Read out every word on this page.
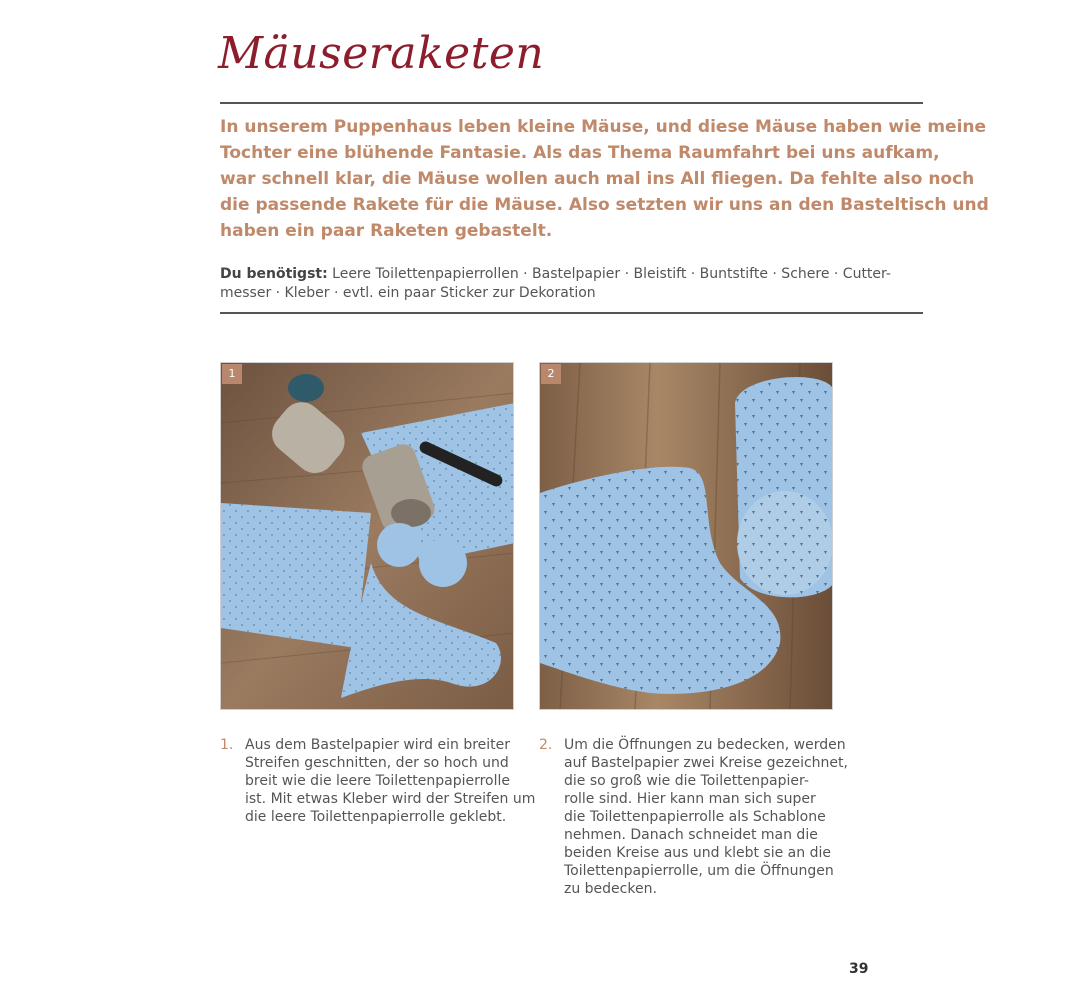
Mäuseraketen
In unserem Puppenhaus leben kleine Mäuse, und diese Mäuse haben wie meine
Tochter eine blühende Fantasie. Als das Thema Raumfahrt bei uns aufkam,
war schnell klar, die Mäuse wollen auch mal ins All fliegen. Da fehlte also noch
die passende Rakete für die Mäuse. Also setzten wir uns an den Basteltisch und
haben ein paar Raketen gebastelt.
Du benötigst: Leere Toilettenpapierrollen · Bastelpapier · Bleistift · Buntstifte · Schere · Cutter-
messer · Kleber · evtl. ein paar Sticker zur Dekoration
1	2
1. Aus dem Bastelpapier wird ein breiter
Streifen geschnitten, der so hoch und
breit wie die leere Toilettenpapierrolle
ist. Mit etwas Kleber wird der Streifen um
die leere Toilettenpapierrolle geklebt.
2. Um die Öffnungen zu bedecken, werden
auf Bastelpapier zwei Kreise gezeichnet,
die so groß wie die Toilettenpapier-
rolle sind. Hier kann man sich super
die Toilettenpapierrolle als Schablone
nehmen. Danach schneidet man die
beiden Kreise aus und klebt sie an die
Toilettenpapierrolle, um die Öffnungen
zu bedecken.
39
